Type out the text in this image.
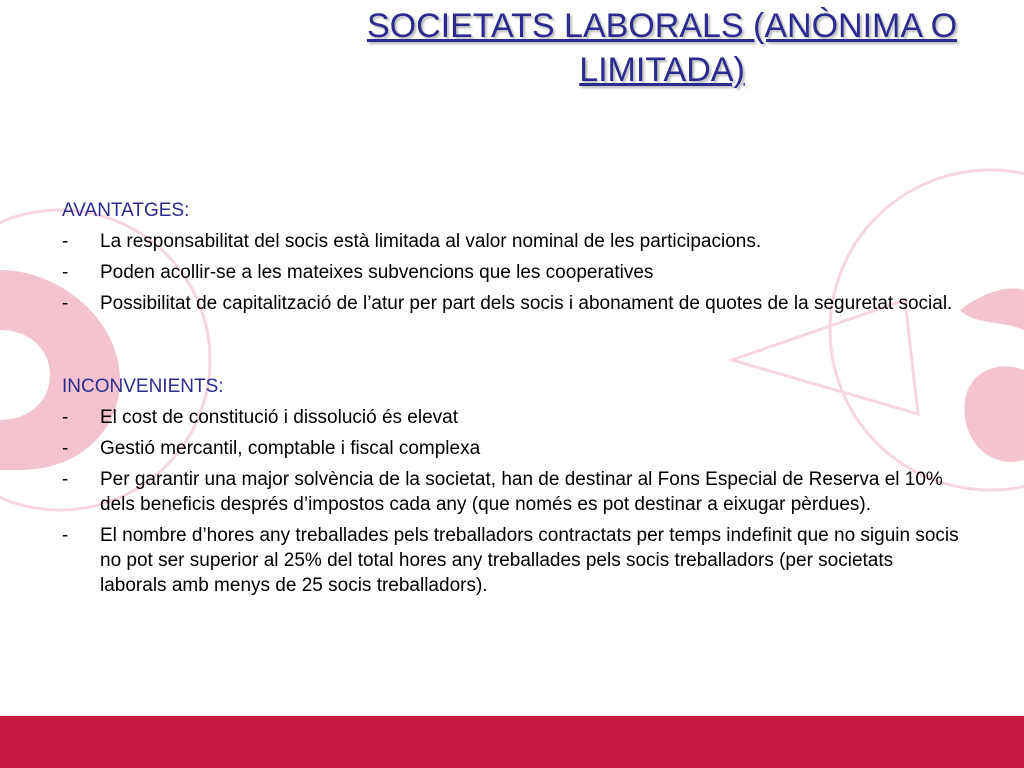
SOCIETATS LABORALS (ANÒNIMA O LIMITADA)
AVANTATGES:
- La responsabilitat del socis està limitada al valor nominal de les participacions.
- Poden acollir-se a les mateixes subvencions que les cooperatives
- Possibilitat de capitalització de l’atur per part dels socis i abonament de quotes de la seguretat social.
INCONVENIENTS:
- El cost de constitució i dissolució és elevat
- Gestió mercantil, comptable i fiscal complexa
- Per garantir una major solvència de la societat, han de destinar al Fons Especial de Reserva el 10% dels beneficis després d’impostos cada any (que només es pot destinar a eixugar pèrdues).
- El nombre d’hores any treballades pels treballadors contractats per temps indefinit que no siguin socis no pot ser superior al 25% del total hores any treballades pels socis treballadors (per societats laborals amb menys de 25 socis treballadors).
